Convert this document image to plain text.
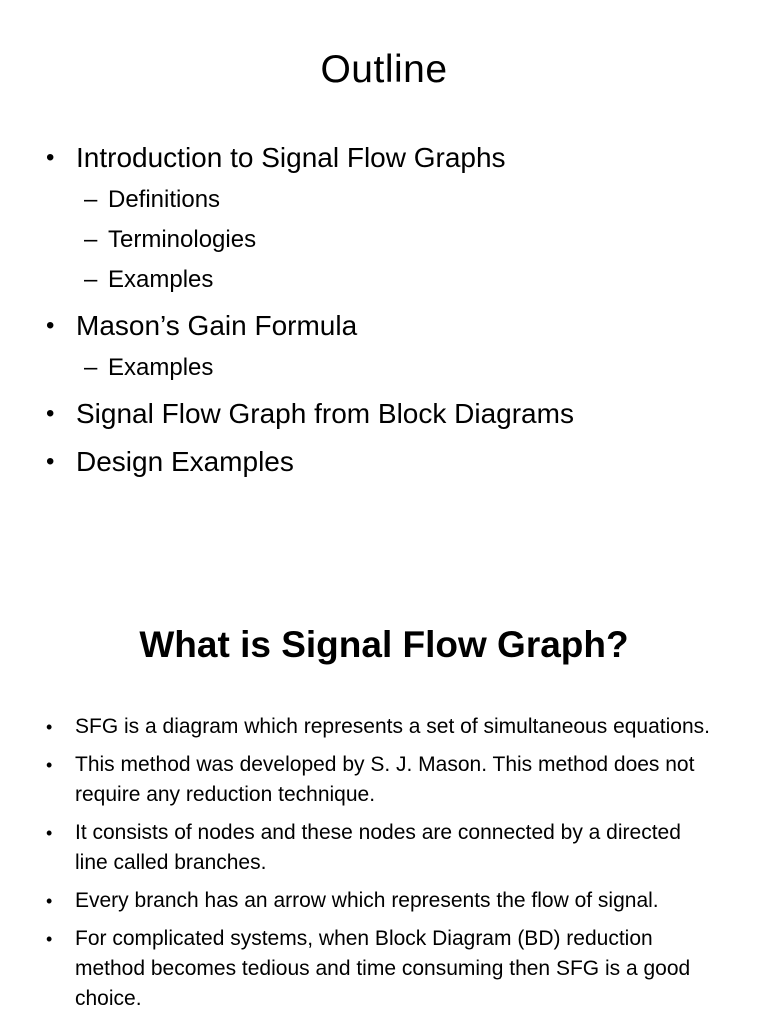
Outline
• Introduction to Signal Flow Graphs
– Definitions
– Terminologies
– Examples
• Mason’s Gain Formula
– Examples
• Signal Flow Graph from Block Diagrams
• Design Examples
What is Signal Flow Graph?
• SFG is a diagram which represents a set of simultaneous equations.
• This method was developed by S. J. Mason. This method does not require any reduction technique.
• It consists of nodes and these nodes are connected by a directed line called branches.
• Every branch has an arrow which represents the flow of signal.
• For complicated systems, when Block Diagram (BD) reduction method becomes tedious and time consuming then SFG is a good choice.
